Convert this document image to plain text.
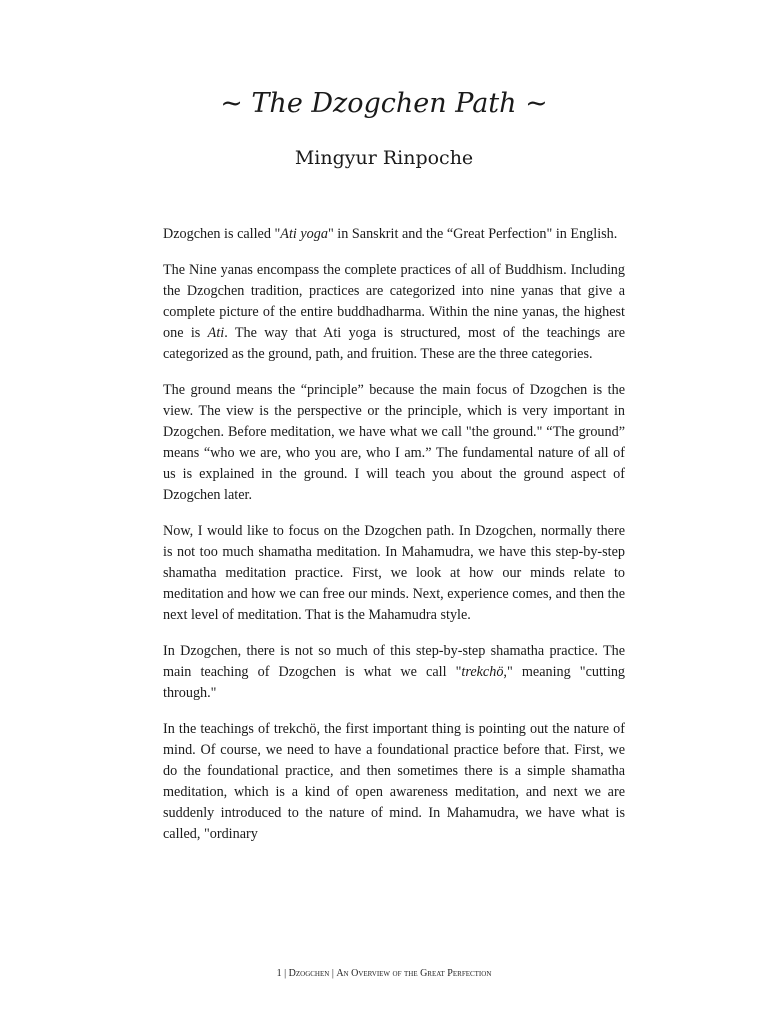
~ The Dzogchen Path ~
Mingyur Rinpoche

Dzogchen is called "Ati yoga" in Sanskrit and the “Great Perfection" in English.

The Nine yanas encompass the complete practices of all of Buddhism. Including the Dzogchen tradition, practices are categorized into nine yanas that give a complete picture of the entire buddhadharma. Within the nine yanas, the highest one is Ati. The way that Ati yoga is structured, most of the teachings are categorized as the ground, path, and fruition. These are the three categories.

The ground means the “principle” because the main focus of Dzogchen is the view. The view is the perspective or the principle, which is very important in Dzogchen. Before meditation, we have what we call "the ground." “The ground” means “who we are, who you are, who I am.” The fundamental nature of all of us is explained in the ground. I will teach you about the ground aspect of Dzogchen later.

Now, I would like to focus on the Dzogchen path. In Dzogchen, normally there is not too much shamatha meditation. In Mahamudra, we have this step-by-step shamatha meditation practice. First, we look at how our minds relate to meditation and how we can free our minds. Next, experience comes, and then the next level of meditation. That is the Mahamudra style.

In Dzogchen, there is not so much of this step-by-step shamatha practice. The main teaching of Dzogchen is what we call "trekchö," meaning "cutting through."

In the teachings of trekchö, the first important thing is pointing out the nature of mind. Of course, we need to have a foundational practice before that. First, we do the foundational practice, and then sometimes there is a simple shamatha meditation, which is a kind of open awareness meditation, and next we are suddenly introduced to the nature of mind. In Mahamudra, we have what is called, "ordinary

1 | Dzogchen | An Overview of the Great Perfection
